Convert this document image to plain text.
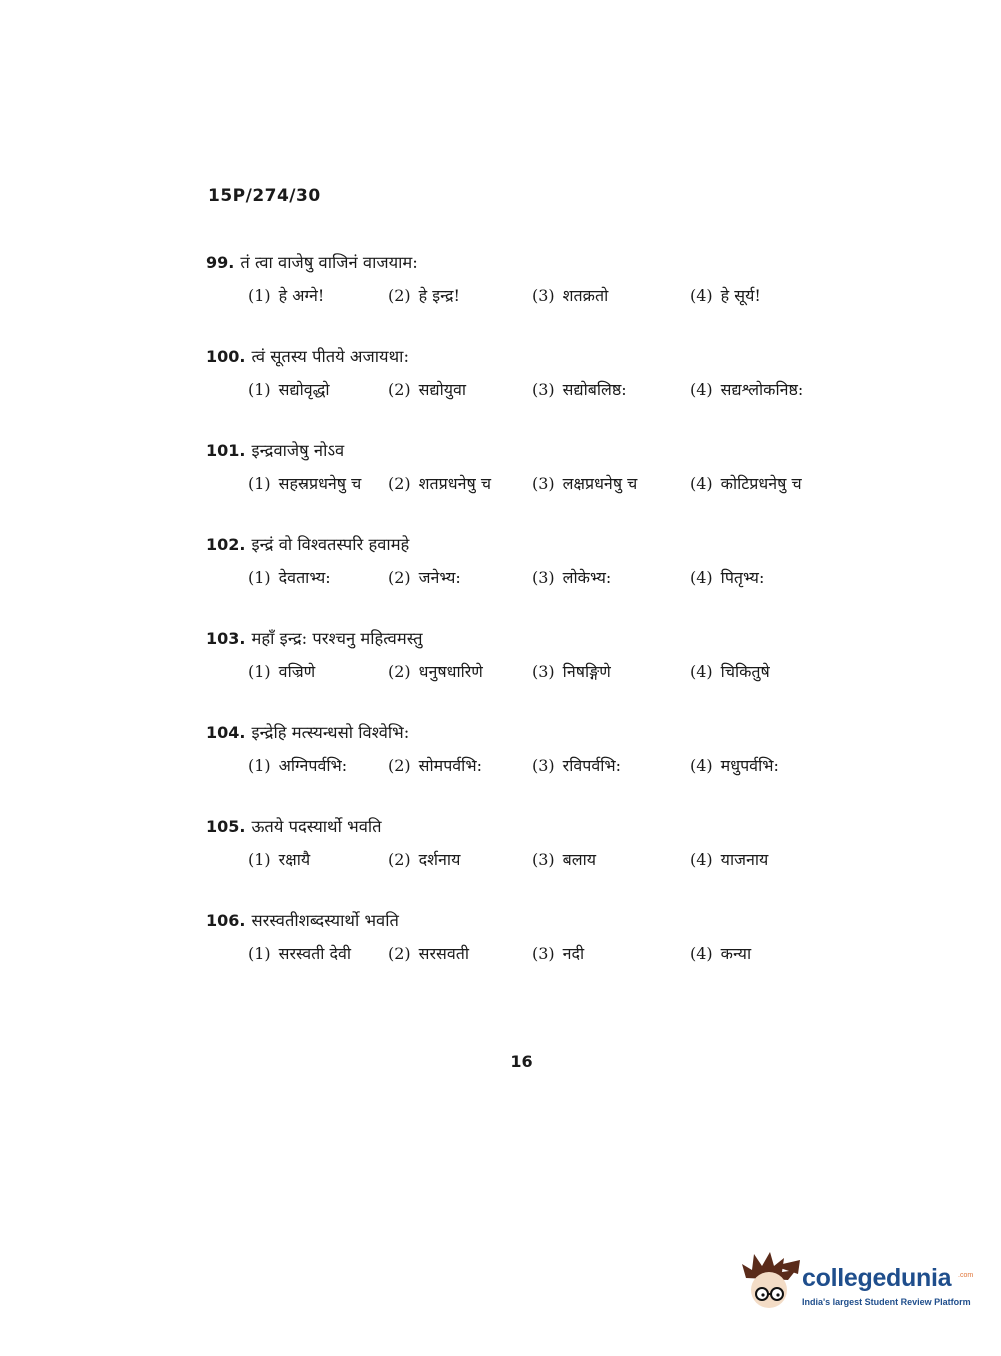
15P/274/30
99. तं त्वा वाजेषु वाजिनं वाजयाम:
(1) हे अग्ने!	(2) हे इन्द्र!	(3) शतक्रतो	(4) हे सूर्य!
100. त्वं सूतस्य पीतये अजायथा:
(1) सद्योवृद्धो	(2) सद्योयुवा	(3) सद्योबलिष्ठ:	(4) सद्यश्लोकनिष्ठ:
101. इन्द्रवाजेषु नोऽव
(1) सहस्रप्रधनेषु च (2) शतप्रधनेषु च	(3) लक्षप्रधनेषु च	(4) कोटिप्रधनेषु च
102. इन्द्रं वो विश्वतस्परि हवामहे
(1) देवताभ्य:	(2) जनेभ्य:	(3) लोकेभ्य:	(4) पितृभ्य:
103. महाँ इन्द्र: परश्चनु महित्वमस्तु
(1) वज्रिणे	(2) धनुषधारिणे	(3) निषङ्गिणे	(4) चिकितुषे
104. इन्द्रेहि मत्स्यन्धसो विश्वेभि:
(1) अग्निपर्वभि:	(2) सोमपर्वभि:	(3) रविपर्वभि:	(4) मधुपर्वभि:
105. ऊतये पदस्यार्थो भवति
(1) रक्षायै	(2) दर्शनाय	(3) बलाय	(4) याजनाय
106. सरस्वतीशब्दस्यार्थो भवति
(1) सरस्वती देवी (2) सरसवती	(3) नदी	(4) कन्या
16
collegedunia .com
India's largest Student Review Platform
